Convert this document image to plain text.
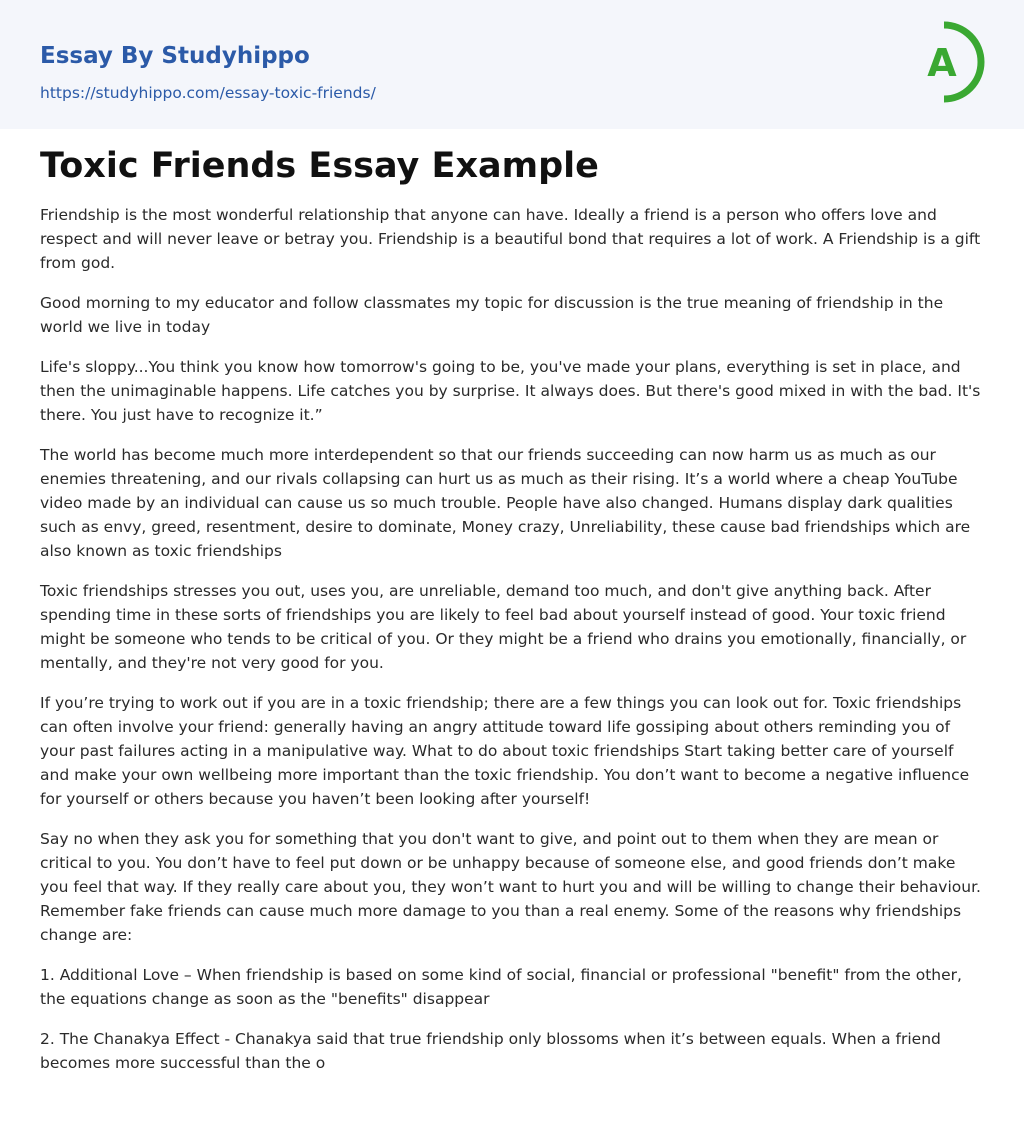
Essay By Studyhippo
https://studyhippo.com/essay-toxic-friends/
A
Toxic Friends Essay Example

Friendship is the most wonderful relationship that anyone can have. Ideally a friend is a person who offers love and respect and will never leave or betray you. Friendship is a beautiful bond that requires a lot of work. A Friendship is a gift from god.

Good morning to my educator and follow classmates my topic for discussion is the true meaning of friendship in the world we live in today

Life's sloppy...You think you know how tomorrow's going to be, you've made your plans, everything is set in place, and then the unimaginable happens. Life catches you by surprise. It always does. But there's good mixed in with the bad. It's there. You just have to recognize it.”

The world has become much more interdependent so that our friends succeeding can now harm us as much as our enemies threatening, and our rivals collapsing can hurt us as much as their rising. It’s a world where a cheap YouTube video made by an individual can cause us so much trouble. People have also changed. Humans display dark qualities such as envy, greed, resentment, desire to dominate, Money crazy, Unreliability, these cause bad friendships which are also known as toxic friendships

Toxic friendships stresses you out, uses you, are unreliable, demand too much, and don't give anything back. After spending time in these sorts of friendships you are likely to feel bad about yourself instead of good. Your toxic friend might be someone who tends to be critical of you. Or they might be a friend who drains you emotionally, financially, or mentally, and they're not very good for you.

If you’re trying to work out if you are in a toxic friendship; there are a few things you can look out for. Toxic friendships can often involve your friend: generally having an angry attitude toward life gossiping about others reminding you of your past failures acting in a manipulative way. What to do about toxic friendships Start taking better care of yourself and make your own wellbeing more important than the toxic friendship. You don’t want to become a negative influence for yourself or others because you haven’t been looking after yourself!

Say no when they ask you for something that you don't want to give, and point out to them when they are mean or critical to you. You don’t have to feel put down or be unhappy because of someone else, and good friends don’t make you feel that way. If they really care about you, they won’t want to hurt you and will be willing to change their behaviour. Remember fake friends can cause much more damage to you than a real enemy. Some of the reasons why friendships change are:

1. Additional Love – When friendship is based on some kind of social, financial or professional "benefit" from the other, the equations change as soon as the "benefits" disappear

2. The Chanakya Effect - Chanakya said that true friendship only blossoms when it’s between equals. When a friend becomes more successful than the o
